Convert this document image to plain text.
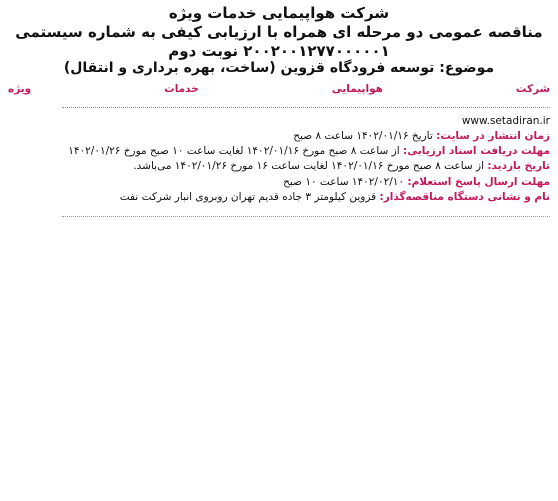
شرکت هواپیمایی خدمات ویژه
مناقصه عمومی دو مرحله ای همراه با ارزیابی کیفی به شماره سیستمی
۲۰۰۲۰۰۱۲۷۷۰۰۰۰۰۱ نوبت دوم
موضوع: توسعه فرودگاه قزوین (ساخت، بهره برداری و انتقال)
شرکت هواپیمایی خدمات ویژه
www.setadiran.ir
زمان انتشار در سایت: تاریخ ۱۴۰۲/۰۱/۱۶ ساعت ۸ صبح
مهلت دریافت اسناد ارزیابی: از ساعت ۸ صبح مورخ ۱۴۰۲/۰۱/۱۶ لغایت ساعت ۱۰ صبح مورخ ۱۴۰۲/۰۱/۲۶
تاریخ بازدید: از ساعت ۸ صبح مورخ ۱۴۰۲/۰۱/۱۶ لغایت ساعت ۱۶ مورخ ۱۴۰۲/۰۱/۲۶ می‌باشد.
مهلت ارسال پاسخ استعلام: ۱۴۰۲/۰۲/۱۰ ساعت ۱۰ صبح
نام و نشانی دستگاه مناقصه‌گذار: قزوین کیلومتر ۳ جاده قدیم تهران روبروی انبار شرکت نفت
